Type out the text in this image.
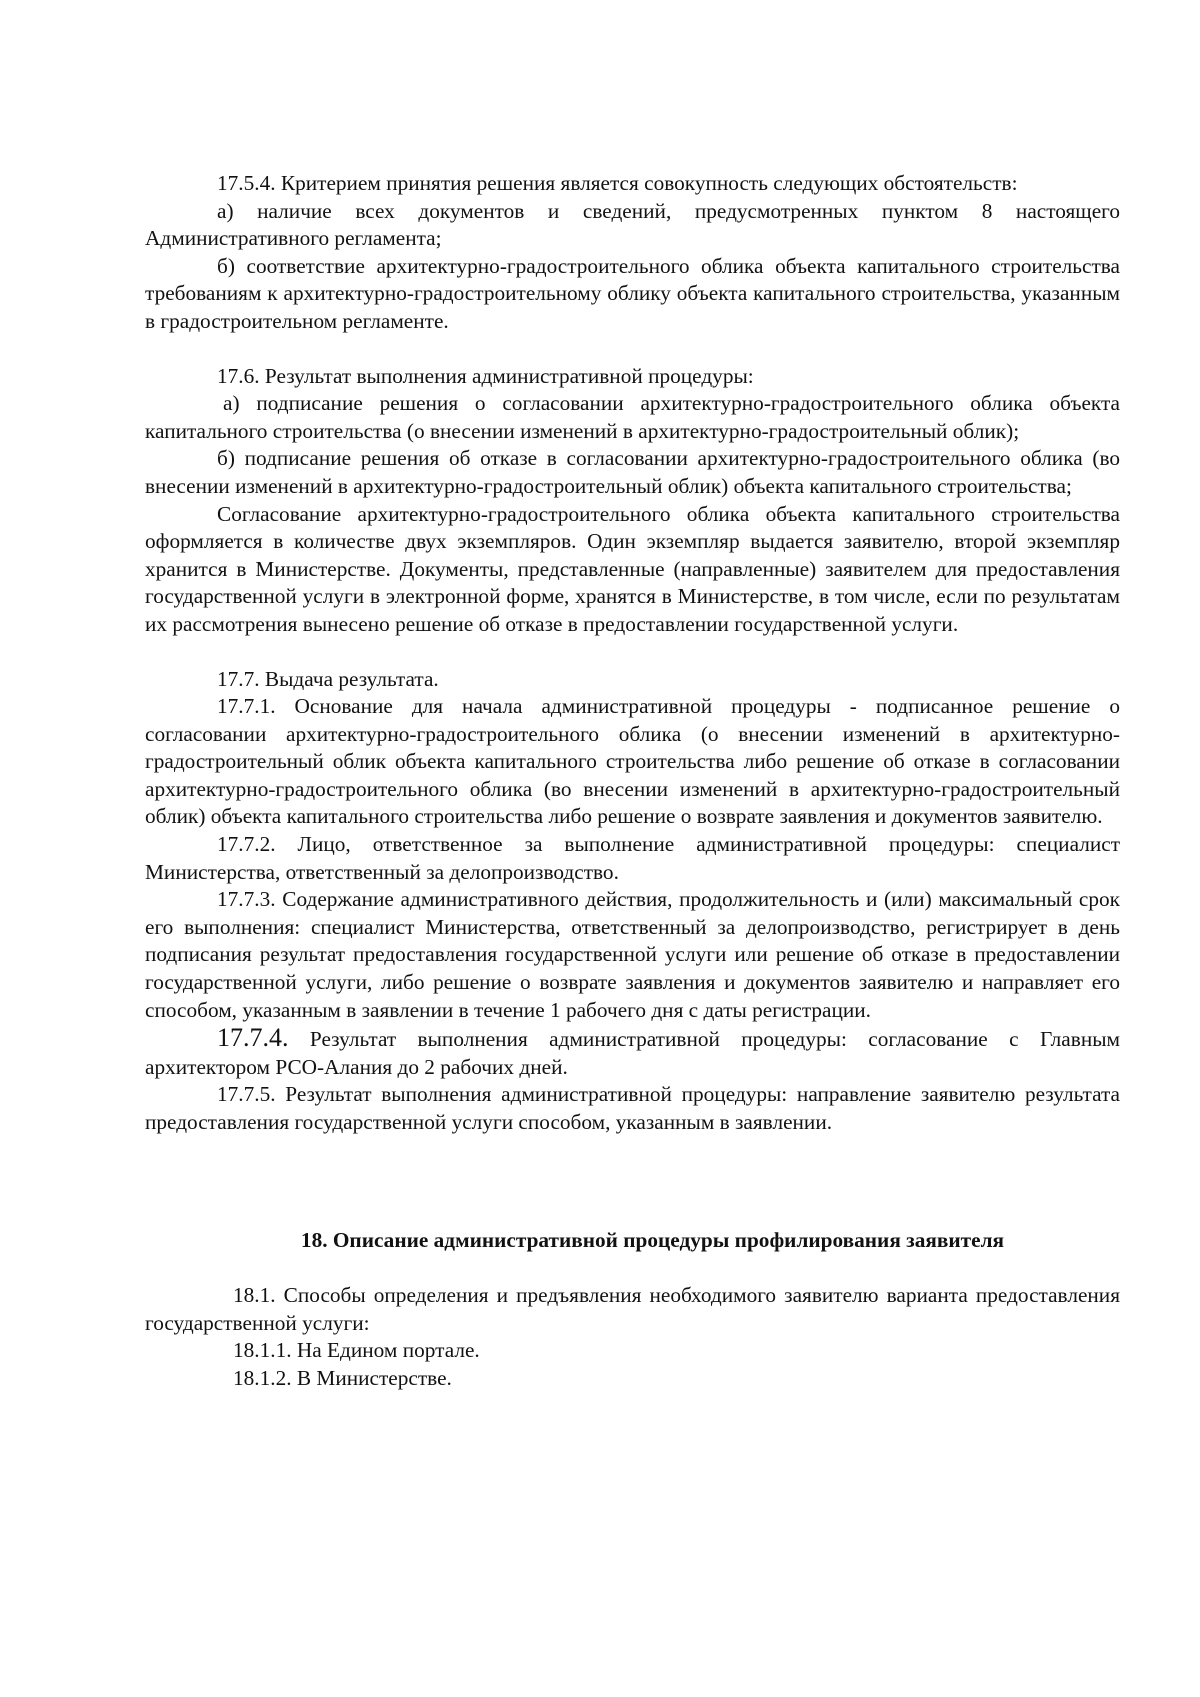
17.5.4. Критерием принятия решения является совокупность следующих обстоятельств:

а) наличие всех документов и сведений, предусмотренных пунктом 8 настоящего Административного регламента;

б) соответствие архитектурно-градостроительного облика объекта капитального строительства требованиям к архитектурно-градостроительному облику объекта капитального строительства, указанным в градостроительном регламенте.

17.6. Результат выполнения административной процедуры:

а) подписание решения о согласовании архитектурно-градостроительного облика объекта капитального строительства (о внесении изменений в архитектурно-градостроительный облик);

б) подписание решения об отказе в согласовании архитектурно-градостроительного облика (во внесении изменений в архитектурно-градостроительный облик) объекта капитального строительства;

Согласование архитектурно-градостроительного облика объекта капитального строительства оформляется в количестве двух экземпляров. Один экземпляр выдается заявителю, второй экземпляр хранится в Министерстве. Документы, представленные (направленные) заявителем для предоставления государственной услуги в электронной форме, хранятся в Министерстве, в том числе, если по результатам их рассмотрения вынесено решение об отказе в предоставлении государственной услуги.

17.7. Выдача результата.

17.7.1. Основание для начала административной процедуры - подписанное решение о согласовании архитектурно-градостроительного облика (о внесении изменений в архитектурно-градостроительный облик объекта капитального строительства либо решение об отказе в согласовании архитектурно-градостроительного облика (во внесении изменений в архитектурно-градостроительный облик) объекта капитального строительства либо решение о возврате заявления и документов заявителю.

17.7.2. Лицо, ответственное за выполнение административной процедуры: специалист Министерства, ответственный за делопроизводство.

17.7.3. Содержание административного действия, продолжительность и (или) максимальный срок его выполнения: специалист Министерства, ответственный за делопроизводство, регистрирует в день подписания результат предоставления государственной услуги или решение об отказе в предоставлении государственной услуги, либо решение о возврате заявления и документов заявителю и направляет его способом, указанным в заявлении в течение 1 рабочего дня с даты регистрации.

17.7.4. Результат выполнения административной процедуры: согласование с Главным архитектором РСО-Алания до 2 рабочих дней.

17.7.5. Результат выполнения административной процедуры: направление заявителю результата предоставления государственной услуги способом, указанным в заявлении.

18. Описание административной процедуры профилирования заявителя

18.1. Способы определения и предъявления необходимого заявителю варианта предоставления государственной услуги:

18.1.1. На Едином портале.

18.1.2. В Министерстве.
